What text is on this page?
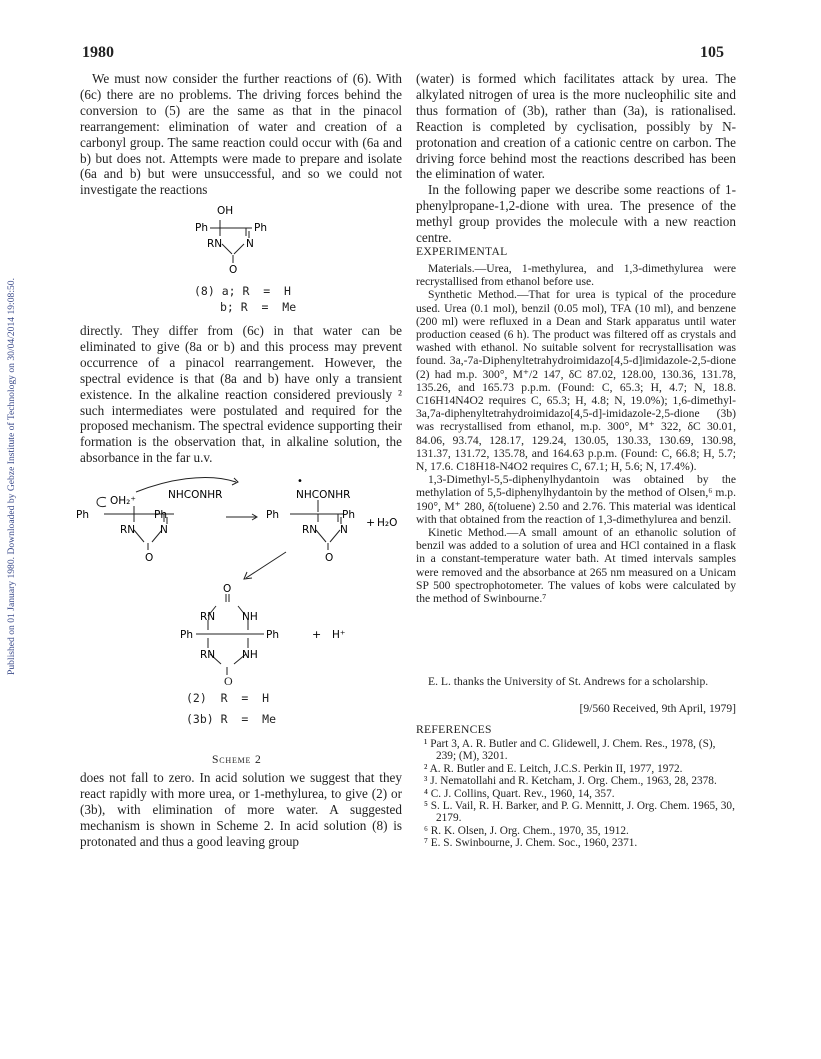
1980	105
Published on 01 January 1980. Downloaded by Gebze Institute of Technology on 30/04/2014 19:08:50.

We must now consider the further reactions of (6). With (6c) there are no problems. The driving forces behind the conversion to (5) are the same as that in the pinacol rearrangement: elimination of water and creation of a carbonyl group. The same reaction could occur with (6a and b) but does not. Attempts were made to prepare and isolate (6a and b) but were unsuccessful, and so we could not investigate the reactions

OH
Ph	Ph
RN N
O
(8) a; R  =  H
b; R  =  Me

directly. They differ from (6c) in that water can be eliminated to give (8a or b) and this process may prevent occurrence of a pinacol rearrangement. However, the spectral evidence is that (8a and b) have only a transient existence. In the alkaline reaction considered previously ² such intermediates were postulated and required for the proposed mechanism. The spectral evidence supporting their formation is the observation that, in alkaline solution, the absorbance in the far u.v.

OH₂⁺	NHCONHR
Ph	Ph
RN N
O
•
NHCONHR
Ph	Ph
+ H₂O
RN N
O
O
RN	NH
Ph	Ph	+ H⁺
RN	NH
O
(2)  R  =  H
(3b) R  =  Me
Scheme 2

does not fall to zero. In acid solution we suggest that they react rapidly with more urea, or 1-methylurea, to give (2) or (3b), with elimination of more water. A suggested mechanism is shown in Scheme 2. In acid solution (8) is protonated and thus a good leaving group

(water) is formed which facilitates attack by urea. The alkylated nitrogen of urea is the more nucleophilic site and thus formation of (3b), rather than (3a), is rationalised. Reaction is completed by cyclisation, possibly by N-protonation and creation of a cationic centre on carbon. The driving force behind most the reactions described has been the elimination of water.

In the following paper we describe some reactions of 1-phenylpropane-1,2-dione with urea. The presence of the methyl group provides the molecule with a new reaction centre.

EXPERIMENTAL

Materials.—Urea, 1-methylurea, and 1,3-dimethylurea were recrystallised from ethanol before use.

Synthetic Method.—That for urea is typical of the procedure used. Urea (0.1 mol), benzil (0.05 mol), TFA (10 ml), and benzene (200 ml) were refluxed in a Dean and Stark apparatus until water production ceased (6 h). The product was filtered off as crystals and washed with ethanol. No suitable solvent for recrystallisation was found. 3a,-7a-Diphenyltetrahydroimidazo[4,5-d]imidazole-2,5-dione (2) had m.p. 300°, M⁺/2 147, δC 87.02, 128.00, 130.36, 131.78, 135.26, and 165.73 p.p.m. (Found: C, 65.3; H, 4.7; N, 18.8. C16H14N4O2 requires C, 65.3; H, 4.8; N, 19.0%); 1,6-dimethyl-3a,7a-diphenyltetrahydroimidazo[4,5-d]-imidazole-2,5-dione (3b) was recrystallised from ethanol, m.p. 300°, M⁺ 322, δC 30.01, 84.06, 93.74, 128.17, 129.24, 130.05, 130.33, 130.69, 130.98, 131.37, 131.72, 135.78, and 164.63 p.p.m. (Found: C, 66.8; H, 5.7; N, 17.6. C18H18-N4O2 requires C, 67.1; H, 5.6; N, 17.4%).

1,3-Dimethyl-5,5-diphenylhydantoin was obtained by the methylation of 5,5-diphenylhydantoin by the method of Olsen,⁶ m.p. 190°, M⁺ 280, δ(toluene) 2.50 and 2.76. This material was identical with that obtained from the reaction of 1,3-dimethylurea and benzil.

Kinetic Method.—A small amount of an ethanolic solution of benzil was added to a solution of urea and HCl contained in a flask in a constant-temperature water bath. At timed intervals samples were removed and the absorbance at 265 nm measured on a Unicam SP 500 spectrophotometer. The values of kobs were calculated by the method of Swinbourne.⁷

E. L. thanks the University of St. Andrews for a scholarship.

[9/560 Received, 9th April, 1979]
REFERENCES
¹ Part 3, A. R. Butler and C. Glidewell, J. Chem. Res., 1978, (S), 239; (M), 3201.
² A. R. Butler and E. Leitch, J.C.S. Perkin II, 1977, 1972.
³ J. Nematollahi and R. Ketcham, J. Org. Chem., 1963, 28, 2378.
⁴ C. J. Collins, Quart. Rev., 1960, 14, 357.
⁵ S. L. Vail, R. H. Barker, and P. G. Mennitt, J. Org. Chem. 1965, 30, 2179.
⁶ R. K. Olsen, J. Org. Chem., 1970, 35, 1912.
⁷ E. S. Swinbourne, J. Chem. Soc., 1960, 2371.
